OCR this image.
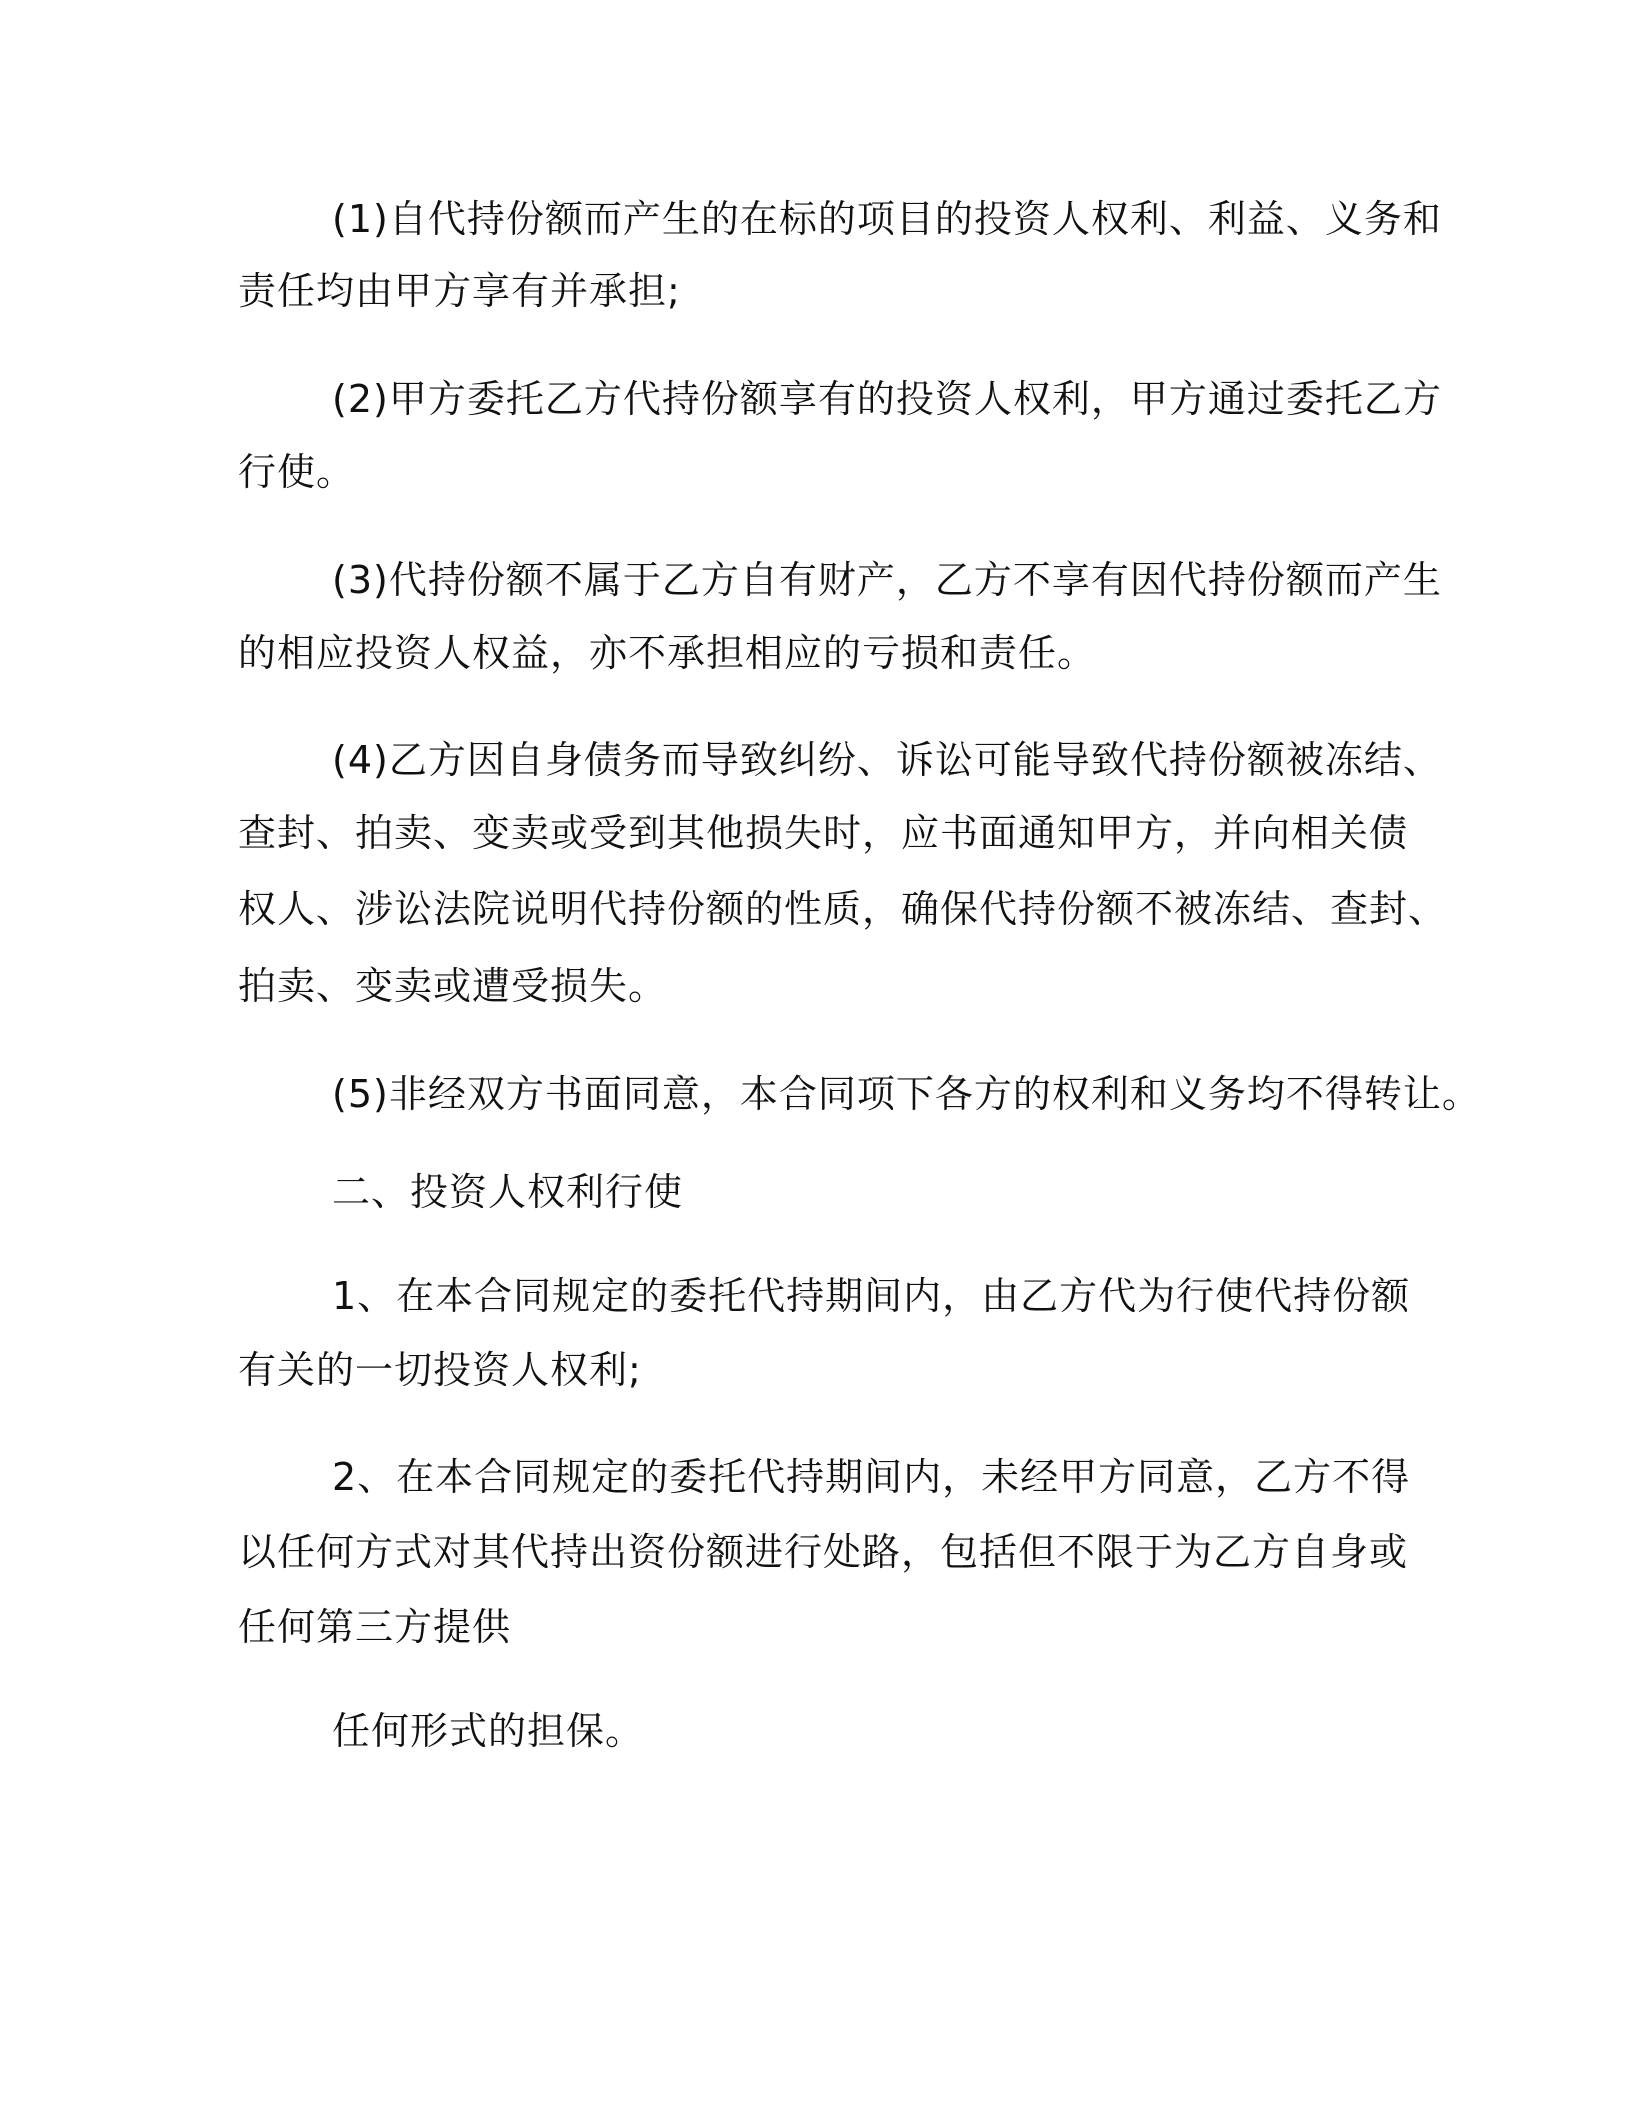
(1)自代持份额而产生的在标的项目的投资人权利、利益、义务和
责任均由甲方享有并承担;
(2)甲方委托乙方代持份额享有的投资人权利，甲方通过委托乙方
行使。
(3)代持份额不属于乙方自有财产，乙方不享有因代持份额而产生
的相应投资人权益，亦不承担相应的亏损和责任。
(4)乙方因自身债务而导致纠纷、诉讼可能导致代持份额被冻结、
查封、拍卖、变卖或受到其他损失时，应书面通知甲方，并向相关债
权人、涉讼法院说明代持份额的性质，确保代持份额不被冻结、查封、
拍卖、变卖或遭受损失。
(5)非经双方书面同意，本合同项下各方的权利和义务均不得转让。
二、投资人权利行使
1、在本合同规定的委托代持期间内，由乙方代为行使代持份额
有关的一切投资人权利;
2、在本合同规定的委托代持期间内，未经甲方同意，乙方不得
以任何方式对其代持出资份额进行处路，包括但不限于为乙方自身或
任何第三方提供
任何形式的担保。
